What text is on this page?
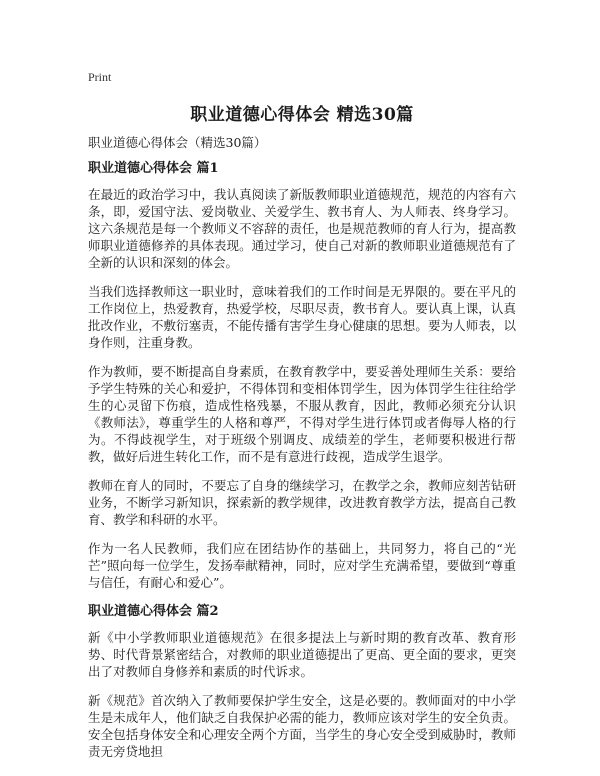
Print
职业道德心得体会 精选30篇

职业道德心得体会（精选30篇）

职业道德心得体会 篇1

在最近的政治学习中，我认真阅读了新版教师职业道德规范，规范的内容有六条，即，爱国守法、爱岗敬业、关爱学生、教书育人、为人师表、终身学习。这六条规范是每一个教师义不容辞的责任，也是规范教师的育人行为，提高教师职业道德修养的具体表现。通过学习，使自己对新的教师职业道德规范有了全新的认识和深刻的体会。

当我们选择教师这一职业时，意味着我们的工作时间是无界限的。要在平凡的工作岗位上，热爱教育，热爱学校，尽职尽责，教书育人。要认真上课，认真批改作业，不敷衍塞责，不能传播有害学生身心健康的思想。要为人师表，以身作则，注重身教。

作为教师，要不断提高自身素质，在教育教学中，要妥善处理师生关系：要给予学生特殊的关心和爱护，不得体罚和变相体罚学生，因为体罚学生往往给学生的心灵留下伤痕，造成性格残暴，不服从教育，因此，教师必须充分认识《教师法》，尊重学生的人格和尊严，不得对学生进行体罚或者侮辱人格的行为。不得歧视学生，对于班级个别调皮、成绩差的学生，老师要积极进行帮教，做好后进生转化工作，而不是有意进行歧视，造成学生退学。

教师在育人的同时，不要忘了自身的继续学习，在教学之余，教师应刻苦钻研业务，不断学习新知识，探索新的教学规律，改进教育教学方法，提高自己教育、教学和科研的水平。

作为一名人民教师，我们应在团结协作的基础上，共同努力，将自己的“光芒”照向每一位学生，发扬奉献精神，同时，应对学生充满希望，要做到“尊重与信任，有耐心和爱心”。

职业道德心得体会 篇2

新《中小学教师职业道德规范》在很多提法上与新时期的教育改革、教育形势、时代背景紧密结合，对教师的职业道德提出了更高、更全面的要求，更突出了对教师自身修养和素质的时代诉求。

新《规范》首次纳入了教师要保护学生安全，这是必要的。教师面对的中小学生是未成年人，他们缺乏自我保护必需的能力，教师应该对学生的安全负责。安全包括身体安全和心理安全两个方面，当学生的身心安全受到威胁时，教师责无旁贷地担
